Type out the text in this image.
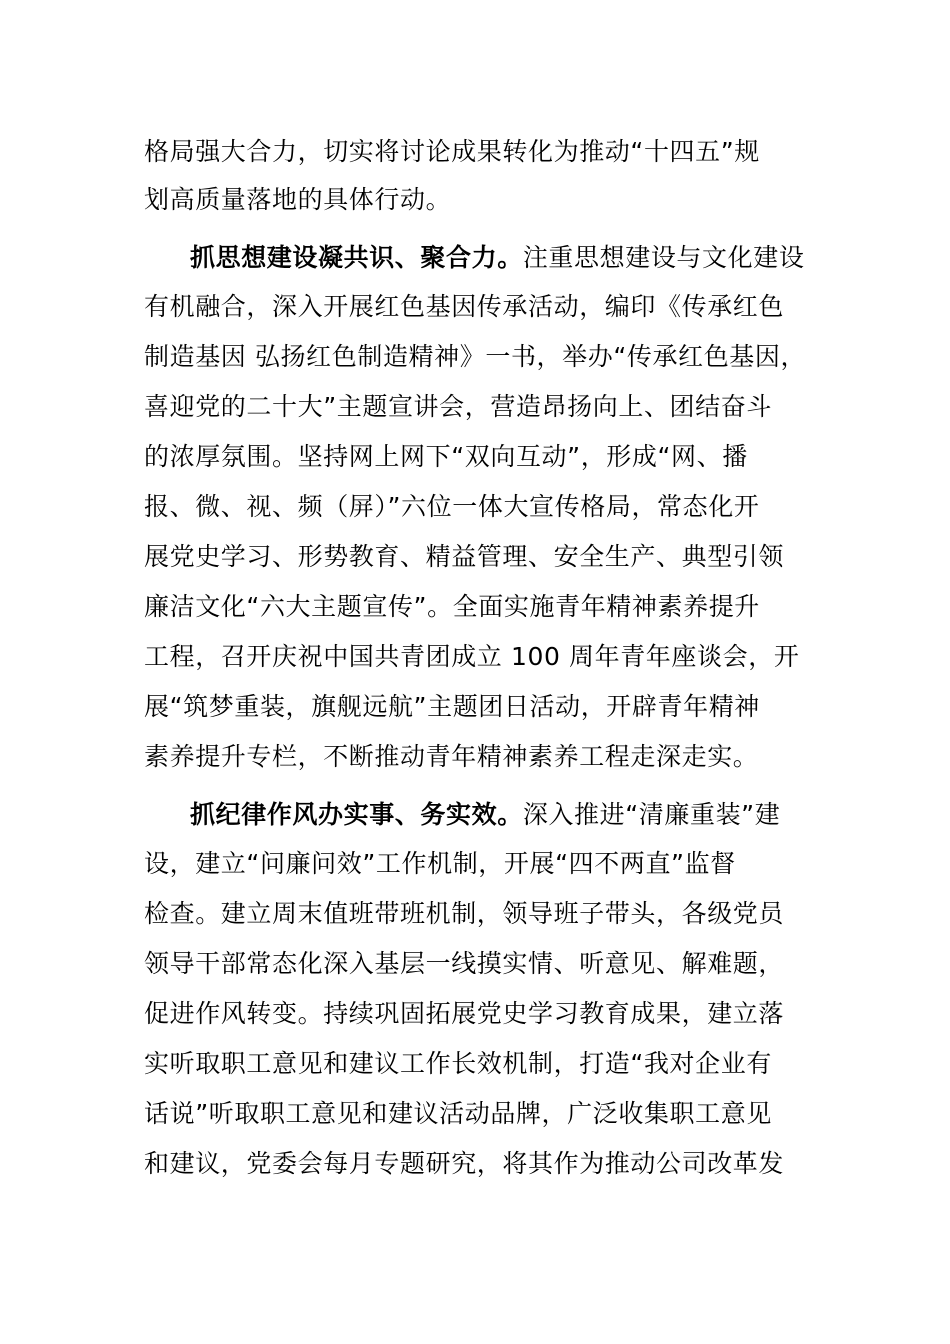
格局强大合力，切实将讨论成果转化为推动“十四五”规
划高质量落地的具体行动。
抓思想建设凝共识、聚合力。注重思想建设与文化建设
有机融合，深入开展红色基因传承活动，编印《传承红色
制造基因 弘扬红色制造精神》一书，举办“传承红色基因，
喜迎党的二十大”主题宣讲会，营造昂扬向上、团结奋斗
的浓厚氛围。坚持网上网下“双向互动”，形成“网、播
报、微、视、频（屏）”六位一体大宣传格局，常态化开
展党史学习、形势教育、精益管理、安全生产、典型引领
廉洁文化“六大主题宣传”。全面实施青年精神素养提升
工程，召开庆祝中国共青团成立 100 周年青年座谈会，开
展“筑梦重装，旗舰远航”主题团日活动，开辟青年精神
素养提升专栏，不断推动青年精神素养工程走深走实。
抓纪律作风办实事、务实效。深入推进“清廉重装”建
设，建立“问廉问效”工作机制，开展“四不两直”监督
检查。建立周末值班带班机制，领导班子带头，各级党员
领导干部常态化深入基层一线摸实情、听意见、解难题，
促进作风转变。持续巩固拓展党史学习教育成果，建立落
实听取职工意见和建议工作长效机制，打造“我对企业有
话说”听取职工意见和建议活动品牌，广泛收集职工意见
和建议，党委会每月专题研究，将其作为推动公司改革发
